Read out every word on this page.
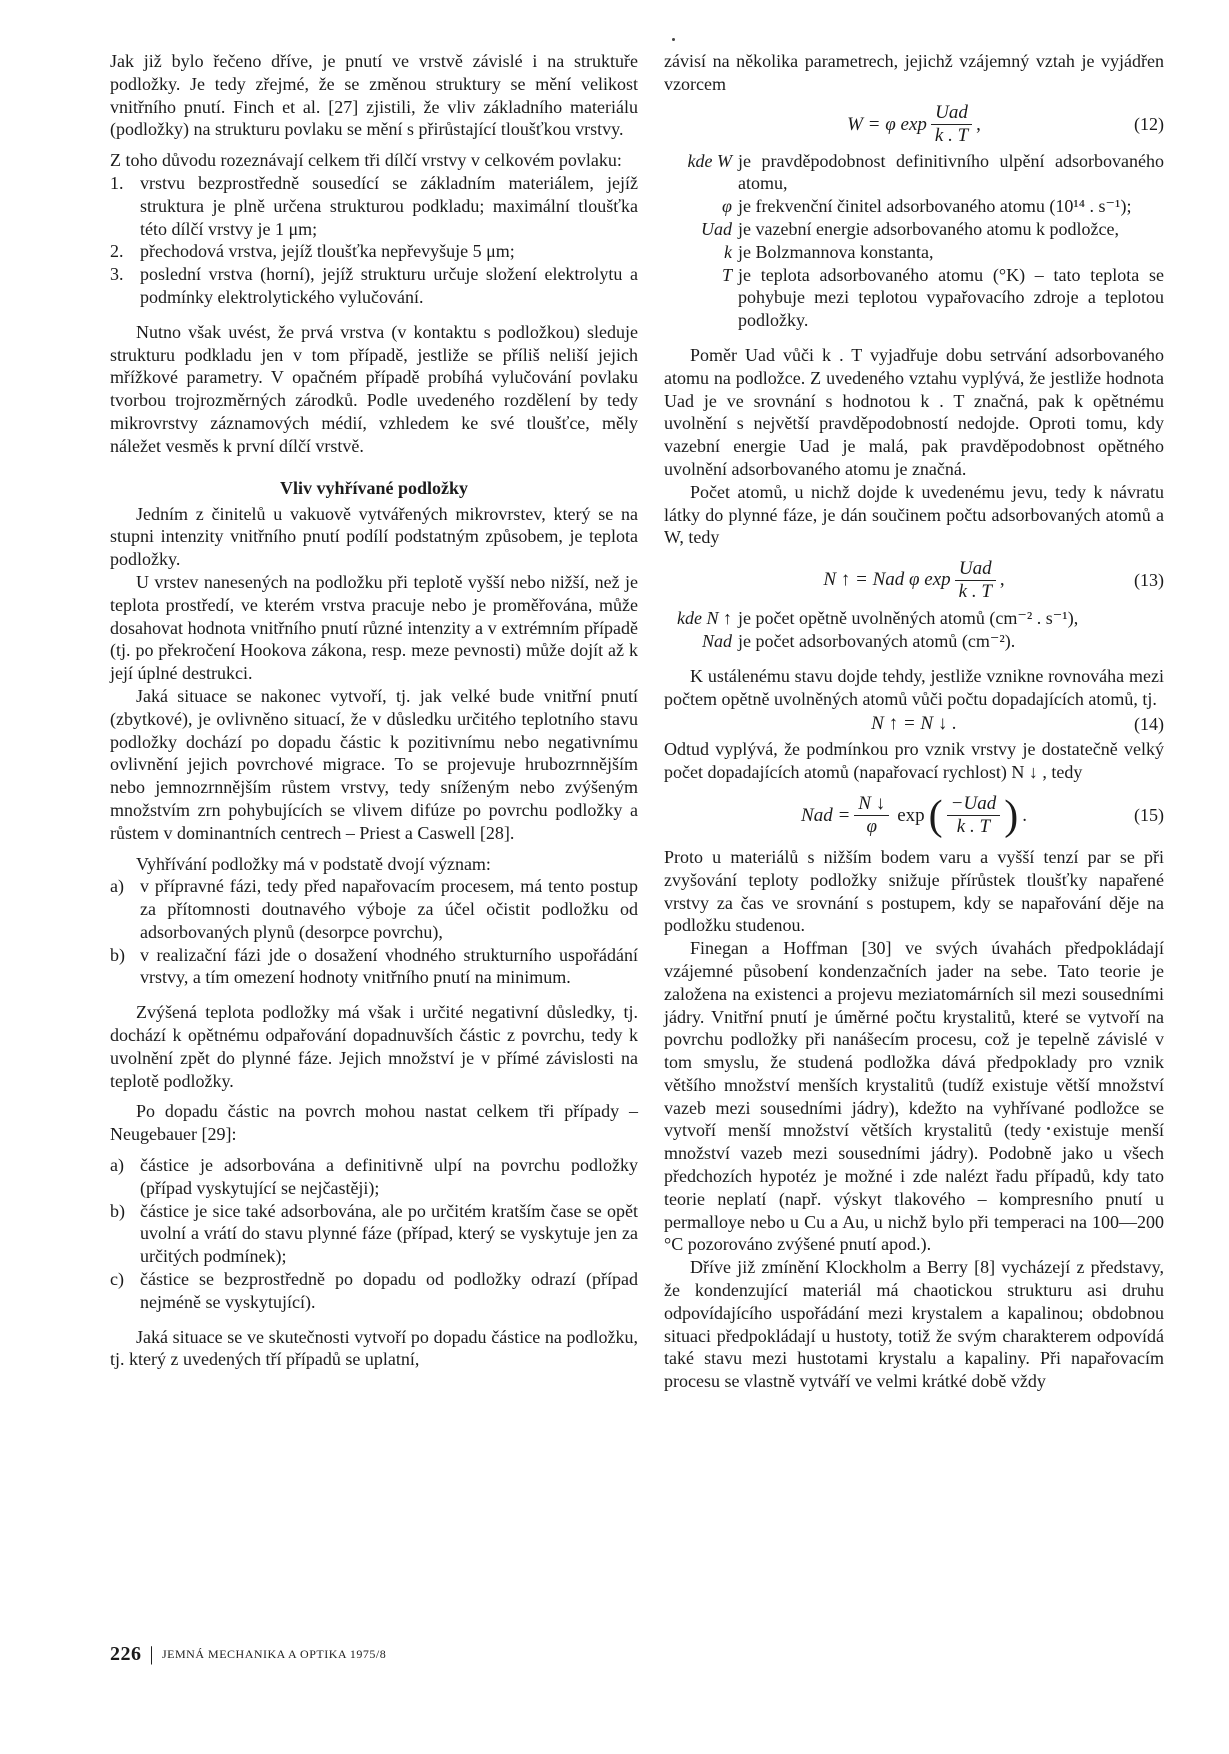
Jak již bylo řečeno dříve, je pnutí ve vrstvě závislé i na struktuře podložky. Je tedy zřejmé, že se změnou struktury se mění velikost vnitřního pnutí. Finch et al. [27] zjistili, že vliv základního materiálu (podložky) na strukturu povlaku se mění s přirůstající tloušťkou vrstvy.

Z toho důvodu rozeznávají celkem tři dílčí vrstvy v celkovém povlaku:

1. vrstvu bezprostředně sousedící se základním materiálem, jejíž struktura je plně určena strukturou podkladu; maximální tloušťka této dílčí vrstvy je 1 μm;
2. přechodová vrstva, jejíž tloušťka nepřevyšuje 5 μm;
3. poslední vrstva (horní), jejíž strukturu určuje složení elektrolytu a podmínky elektrolytického vylučování.

Nutno však uvést, že prvá vrstva (v kontaktu s podložkou) sleduje strukturu podkladu jen v tom případě, jestliže se příliš neliší jejich mřížkové parametry. V opačném případě probíhá vylučování povlaku tvorbou trojrozměrných zárodků. Podle uvedeného rozdělení by tedy mikrovrstvy záznamových médií, vzhledem ke své tloušťce, měly náležet vesměs k první dílčí vrstvě.

Vliv vyhřívané podložky

Jedním z činitelů u vakuově vytvářených mikrovrstev, který se na stupni intenzity vnitřního pnutí podílí podstatným způsobem, je teplota podložky.

U vrstev nanesených na podložku při teplotě vyšší nebo nižší, než je teplota prostředí, ve kterém vrstva pracuje nebo je proměřována, může dosahovat hodnota vnitřního pnutí různé intenzity a v extrémním případě (tj. po překročení Hookova zákona, resp. meze pevnosti) může dojít až k její úplné destrukci.

Jaká situace se nakonec vytvoří, tj. jak velké bude vnitřní pnutí (zbytkové), je ovlivněno situací, že v důsledku určitého teplotního stavu podložky dochází po dopadu částic k pozitivnímu nebo negativnímu ovlivnění jejich povrchové migrace. To se projevuje hrubozrnnějším nebo jemnozrnnějším růstem vrstvy, tedy sníženým nebo zvýšeným množstvím zrn pohybujících se vlivem difúze po povrchu podložky a růstem v dominantních centrech – Priest a Caswell [28].

Vyhřívání podložky má v podstatě dvojí význam:

a) v přípravné fázi, tedy před napařovacím procesem, má tento postup za přítomnosti doutnavého výboje za účel očistit podložku od adsorbovaných plynů (desorpce povrchu),
b) v realizační fázi jde o dosažení vhodného strukturního uspořádání vrstvy, a tím omezení hodnoty vnitřního pnutí na minimum.

Zvýšená teplota podložky má však i určité negativní důsledky, tj. dochází k opětnému odpařování dopadnuvších částic z povrchu, tedy k uvolnění zpět do plynné fáze. Jejich množství je v přímé závislosti na teplotě podložky.

Po dopadu částic na povrch mohou nastat celkem tři případy – Neugebauer [29]:

a) částice je adsorbována a definitivně ulpí na povrchu podložky (případ vyskytující se nejčastěji);
b) částice je sice také adsorbována, ale po určitém kratším čase se opět uvolní a vrátí do stavu plynné fáze (případ, který se vyskytuje jen za určitých podmínek);
c) částice se bezprostředně po dopadu od podložky odrazí (případ nejméně se vyskytující).

Jaká situace se ve skutečnosti vytvoří po dopadu částice na podložku, tj. který z uvedených tří případů se uplatní,

závisí na několika parametrech, jejichž vzájemný vztah je vyjádřen vzorcem

W = φ $\exp \frac{\text{Uad}}{k . T}$ ,	(12)
kde W je pravděpodobnost definitivního ulpění adsorbovaného atomu,
φ je frekvenční činitel adsorbovaného atomu (10¹⁴ . s⁻¹);
Uad je vazební energie adsorbovaného atomu k podložce,
k je Bolzmannova konstanta,
T je teplota adsorbovaného atomu (°K) – tato teplota se pohybuje mezi teplotou vypařovacího zdroje a teplotou podložky.

Poměr Uad vůči k . T vyjadřuje dobu setrvání adsorbovaného atomu na podložce. Z uvedeného vztahu vyplývá, že jestliže hodnota Uad je ve srovnání s hodnotou k . T značná, pak k opětnému uvolnění s největší pravděpodobností nedojde. Oproti tomu, kdy vazební energie Uad je malá, pak pravděpodobnost opětného uvolnění adsorbovaného atomu je značná.

Počet atomů, u nichž dojde k uvedenému jevu, tedy k návratu látky do plynné fáze, je dán součinem počtu adsorbovaných atomů a W, tedy

N ↑ = Nad φ $\exp \frac{\text{Uad}}{k . T}$ ,	(13)
kde N ↑ je počet opětně uvolněných atomů (cm⁻² . s⁻¹),
Nad je počet adsorbovaných atomů (cm⁻²).

K ustálenému stavu dojde tehdy, jestliže vznikne rovnováha mezi počtem opětně uvolněných atomů vůči počtu dopadajících atomů, tj.

N ↑ = N ↓ .	(14)

Odtud vyplývá, že podmínkou pro vznik vrstvy je dostatečně velký počet dopadajících atomů (napařovací rychlost) N ↓ , tedy

Nad = $\frac{N ↓}{\varphi}$ exp ( $\frac{\text{−Uad}}{k . T}$ ) .	(15)

Proto u materiálů s nižším bodem varu a vyšší tenzí par se při zvyšování teploty podložky snižuje přírůstek tloušťky napařené vrstvy za čas ve srovnání s postupem, kdy se napařování děje na podložku studenou.

Finegan a Hoffman [30] ve svých úvahách předpokládají vzájemné působení kondenzačních jader na sebe. Tato teorie je založena na existenci a projevu meziatomárních sil mezi sousedními jádry. Vnitřní pnutí je úměrné počtu krystalitů, které se vytvoří na povrchu podložky při nanášecím procesu, což je tepelně závislé v tom smyslu, že studená podložka dává předpoklady pro vznik většího množství menších krystalitů (tudíž existuje větší množství vazeb mezi sousedními jádry), kdežto na vyhřívané podložce se vytvoří menší množství větších krystalitů (tedy existuje menší množství vazeb mezi sousedními jádry). Podobně jako u všech předchozích hypotéz je možné i zde nalézt řadu případů, kdy tato teorie neplatí (např. výskyt tlakového – kompresního pnutí u permalloye nebo u Cu a Au, u nichž bylo při temperaci na 100—200 °C pozorováno zvýšené pnutí apod.).

Dříve již zmínění Klockholm a Berry [8] vycházejí z představy, že kondenzující materiál má chaotickou strukturu asi druhu odpovídajícího uspořádání mezi krystalem a kapalinou; obdobnou situaci předpokládají u hustoty, totiž že svým charakterem odpovídá také stavu mezi hustotami krystalu a kapaliny. Při napařovacím procesu se vlastně vytváří ve velmi krátké době vždy

226 | JEMNÁ MECHANIKA A OPTIKA 1975/8
